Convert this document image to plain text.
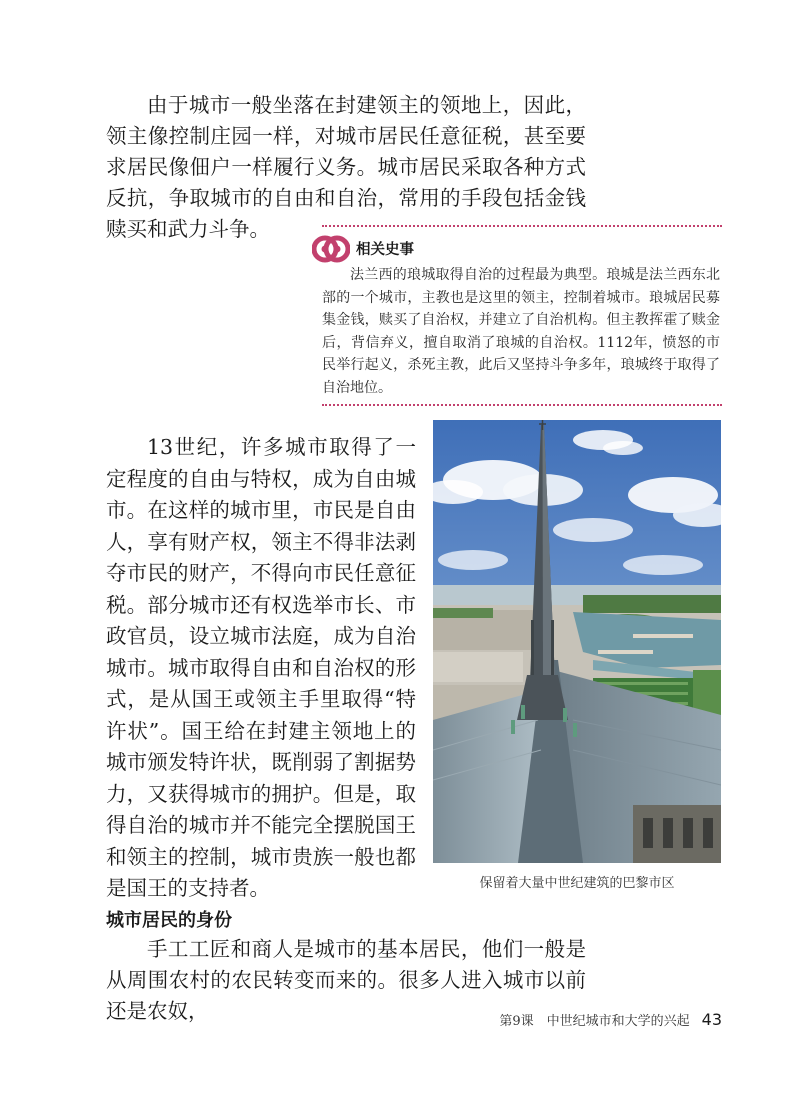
由于城市一般坐落在封建领主的领地上，因此，领主像控制庄园一样，对城市居民任意征税，甚至要求居民像佃户一样履行义务。城市居民采取各种方式反抗，争取城市的自由和自治，常用的手段包括金钱赎买和武力斗争。

相关史事

法兰西的琅城取得自治的过程最为典型。琅城是法兰西东北部的一个城市，主教也是这里的领主，控制着城市。琅城居民募集金钱，赎买了自治权，并建立了自治机构。但主教挥霍了赎金后，背信弃义，擅自取消了琅城的自治权。1112年，愤怒的市民举行起义，杀死主教，此后又坚持斗争多年，琅城终于取得了自治地位。

13世纪，许多城市取得了一定程度的自由与特权，成为自由城市。在这样的城市里，市民是自由人，享有财产权，领主不得非法剥夺市民的财产，不得向市民任意征税。部分城市还有权选举市长、市政官员，设立城市法庭，成为自治城市。城市取得自由和自治权的形式，是从国王或领主手里取得“特许状”。国王给在封建主领地上的城市颁发特许状，既削弱了割据势力，又获得城市的拥护。但是，取得自治的城市并不能完全摆脱国王和领主的控制，城市贵族一般也都是国王的支持者。	保留着大量中世纪建筑的巴黎市区

城市居民的身份

手工工匠和商人是城市的基本居民，他们一般是从周围农村的农民转变而来的。很多人进入城市以前还是农奴，	第9课　中世纪城市和大学的兴起 43
